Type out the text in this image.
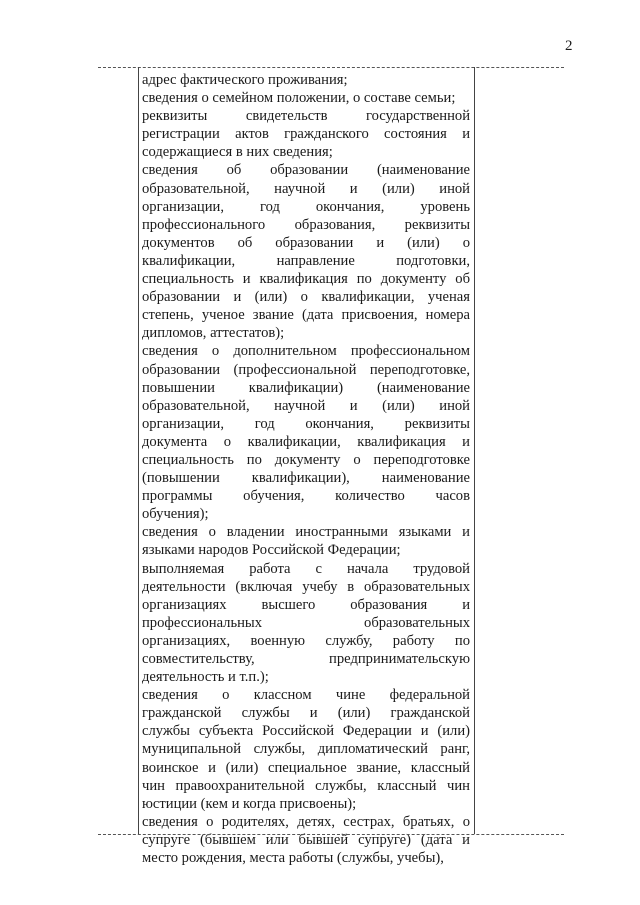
2

адрес фактического проживания;

сведения о семейном положении, о составе семьи;

реквизиты свидетельств государственной
регистрации актов гражданского состояния и
содержащиеся в них сведения;

сведения об образовании (наименование
образовательной, научной и (или) иной
организации, год окончания, уровень
профессионального образования, реквизиты
документов об образовании и (или) о
квалификации, направление подготовки,
специальность и квалификация по документу об
образовании и (или) о квалификации, ученая
степень, ученое звание (дата присвоения, номера
дипломов, аттестатов);

сведения о дополнительном профессиональном
образовании (профессиональной переподготовке,
повышении квалификации) (наименование
образовательной, научной и (или) иной
организации, год окончания, реквизиты
документа о квалификации, квалификация и
специальность по документу о переподготовке
(повышении квалификации), наименование
программы обучения, количество часов
обучения);

сведения о владении иностранными языками и
языками народов Российской Федерации;

выполняемая работа с начала трудовой
деятельности (включая учебу в образовательных
организациях высшего образования и
профессиональных образовательных
организациях, военную службу, работу по
совместительству, предпринимательскую
деятельность и т.п.);

сведения о классном чине федеральной
гражданской службы и (или) гражданской
службы субъекта Российской Федерации и (или)
муниципальной службы, дипломатический ранг,
воинское и (или) специальное звание, классный
чин правоохранительной службы, классный чин
юстиции (кем и когда присвоены);

сведения о родителях, детях, сестрах, братьях, о
супруге (бывшем или бывшей супруге) (дата и
место рождения, места работы (службы, учебы),
